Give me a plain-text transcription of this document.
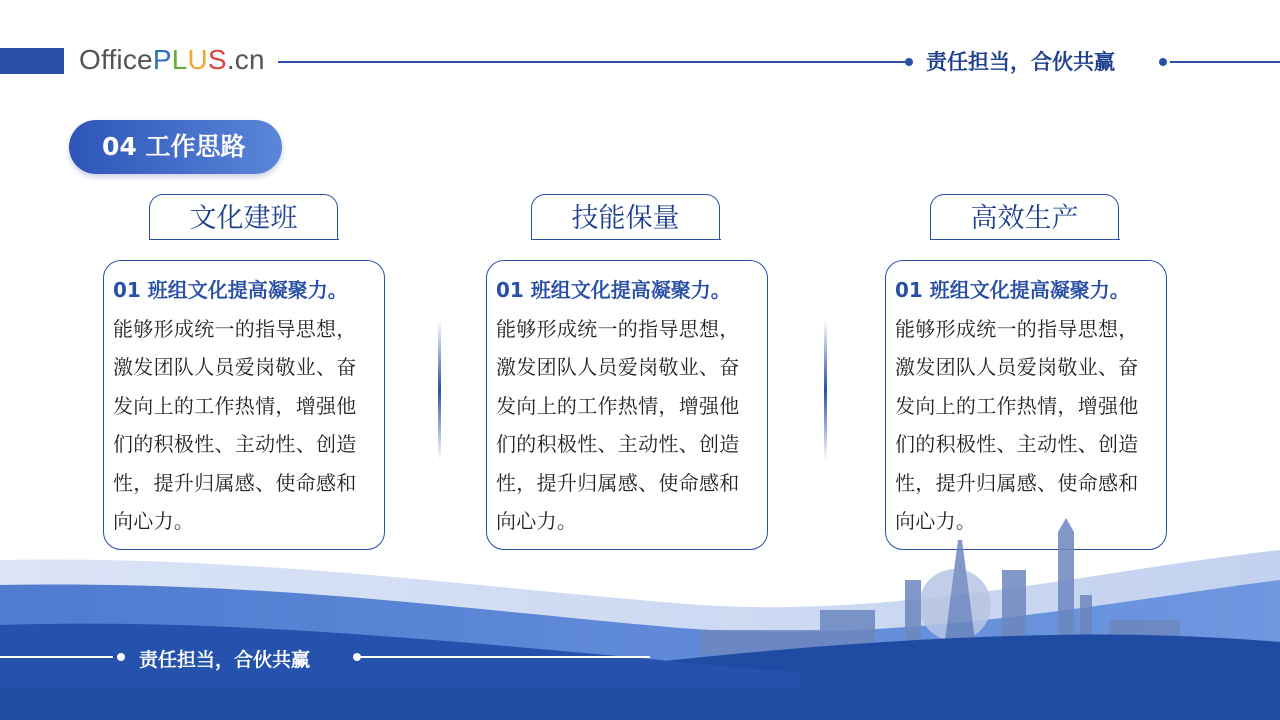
OfficePLUS.cn	责任担当，合伙共赢
04 工作思路
文化建班
01 班组文化提高凝聚力。
能够形成统一的指导思想，激发团队人员爱岗敬业、奋发向上的工作热情，增强他们的积极性、主动性、创造性，提升归属感、使命感和向心力。
技能保量
01 班组文化提高凝聚力。
能够形成统一的指导思想，激发团队人员爱岗敬业、奋发向上的工作热情，增强他们的积极性、主动性、创造性，提升归属感、使命感和向心力。
高效生产
01 班组文化提高凝聚力。
能够形成统一的指导思想，激发团队人员爱岗敬业、奋发向上的工作热情，增强他们的积极性、主动性、创造性，提升归属感、使命感和向心力。
责任担当，合伙共赢
